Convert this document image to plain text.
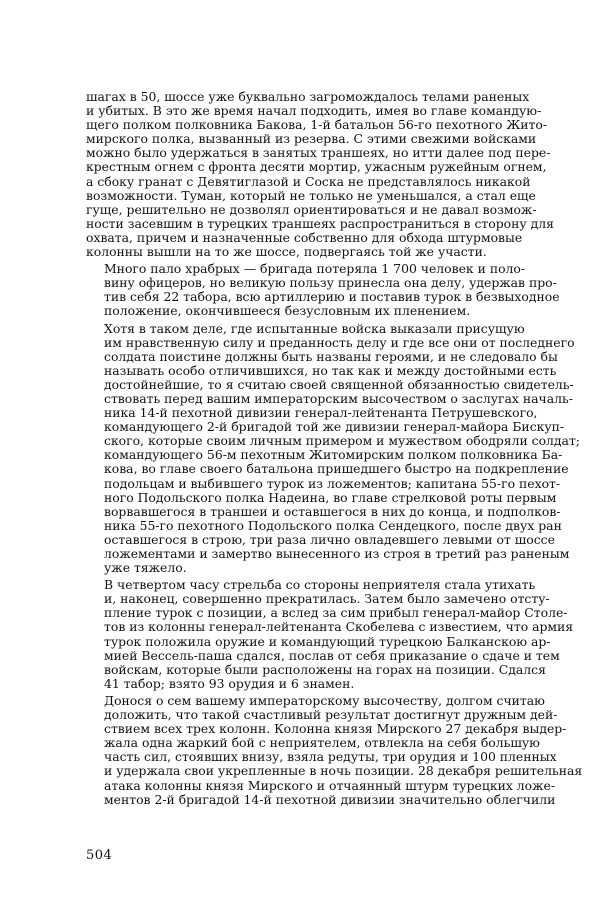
шагах в 50, шоссе уже буквально загромождалось телами раненых
и убитых. В это же время начал подходить, имея во главе командую-
щего полком полковника Бакова, 1-й батальон 56-го пехотного Жито-
мирского полка, вызванный из резерва. С этими свежими войсками
можно было удержаться в занятых траншеях, но итти далее под пере-
крестным огнем с фронта десяти мортир, ужасным ружейным огнем,
а сбоку гранат с Девятиглазой и Соска не представлялось никакой
возможности. Туман, который не только не уменьшался, а стал еще
гуще, решительно не дозволял ориентироваться и не давал возмож-
ности засевшим в турецких траншеях распространиться в сторону для
охвата, причем и назначенные собственно для обхода штурмовые
колонны вышли на то же шоссе, подвергаясь той же участи.

Много пало храбрых — бригада потеряла 1 700 человек и поло-
вину офицеров, но великую пользу принесла она делу, удержав про-
тив себя 22 табора, всю артиллерию и поставив турок в безвыходное
положение, окончившееся безусловным их пленением.

Хотя в таком деле, где испытанные войска выказали присущую
им нравственную силу и преданность делу и где все они от последнего
солдата поистине должны быть названы героями, и не следовало бы
называть особо отличившихся, но так как и между достойными есть
достойнейшие, то я считаю своей священной обязанностью свидетель-
ствовать перед вашим императорским высочеством о заслугах началь-
ника 14-й пехотной дивизии генерал-лейтенанта Петрушевского,
командующего 2-й бригадой той же дивизии генерал-майора Бискуп-
ского, которые своим личным примером и мужеством ободряли солдат;
командующего 56-м пехотным Житомирским полком полковника Ба-
кова, во главе своего батальона пришедшего быстро на подкрепление
подольцам и выбившего турок из ложементов; капитана 55-го пехот-
ного Подольского полка Надеина, во главе стрелковой роты первым
ворвавшегося в траншеи и оставшегося в них до конца, и подполков-
ника 55-го пехотного Подольского полка Сендецкого, после двух ран
оставшегося в строю, три раза лично овладевшего левыми от шоссе
ложементами и замертво вынесенного из строя в третий раз раненым
уже тяжело.

В четвертом часу стрельба со стороны неприятеля стала утихать
и, наконец, совершенно прекратилась. Затем было замечено отсту-
пление турок с позиции, а вслед за сим прибыл генерал-майор Столе-
тов из колонны генерал-лейтенанта Скобелева с известием, что армия
турок положила оружие и командующий турецкою Балканскою ар-
мией Вессель-паша сдался, послав от себя приказание о сдаче и тем
войскам, которые были расположены на горах на позиции. Сдался
41 табор; взято 93 орудия и 6 знамен.

Донося о сем вашему императорскому высочеству, долгом считаю
доложить, что такой счастливый результат достигнут дружным дей-
ствием всех трех колонн. Колонна князя Мирского 27 декабря выдер-
жала одна жаркий бой с неприятелем, отвлекла на себя большую
часть сил, стоявших внизу, взяла редуты, три орудия и 100 пленных
и удержала свои укрепленные в ночь позиции. 28 декабря решительная
атака колонны князя Мирского и отчаянный штурм турецких ложе-
ментов 2-й бригадой 14-й пехотной дивизии значительно облегчили

504
